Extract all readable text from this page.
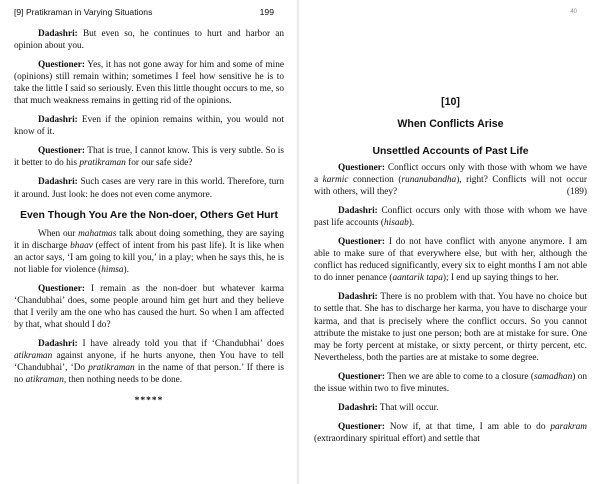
[9] Pratikraman in Varying Situations	199

Dadashri: But even so, he continues to hurt and harbor an opinion about you.

Questioner: Yes, it has not gone away for him and some of mine (opinions) still remain within; sometimes I feel how sensitive he is to take the little I said so seriously. Even this little thought occurs to me, so that much weakness remains in getting rid of the opinions.

Dadashri: Even if the opinion remains within, you would not know of it.

Questioner: That is true, I cannot know. This is very subtle. So is it better to do his pratikraman for our safe side?

Dadashri: Such cases are very rare in this world. Therefore, turn it around. Just look: he does not even come anymore.

Even Though You Are the Non-doer, Others Get Hurt

When our mahatmas talk about doing something, they are saying it in discharge bhaav (effect of intent from his past life). It is like when an actor says, ‘I am going to kill you,’ in a play; when he says this, he is not liable for violence (himsa).

Questioner: I remain as the non-doer but whatever karma ‘Chandubhai’ does, some people around him get hurt and they believe that I verily am the one who has caused the hurt. So when I am affected by that, what should I do?

Dadashri: I have already told you that if ‘Chandubhai’ does atikraman against anyone, if he hurts anyone, then You have to tell ‘Chandubhai’, ‘Do pratikraman in the name of that person.’ If there is no atikraman, then nothing needs to be done.

*****
40
[10]
When Conflicts Arise
Unsettled Accounts of Past Life

Questioner: Conflict occurs only with those with whom we have a karmic connection (runanubandha), right? Conflicts will not occur with others, will they?	(189)

Dadashri: Conflict occurs only with those with whom we have past life accounts (hisaab).

Questioner: I do not have conflict with anyone anymore. I am able to make sure of that everywhere else, but with her, although the conflict has reduced significantly, every six to eight months I am not able to do inner penance (aantarik tapa); I end up saying things to her.

Dadashri: There is no problem with that. You have no choice but to settle that. She has to discharge her karma, you have to discharge your karma, and that is precisely where the conflict occurs. So you cannot attribute the mistake to just one person; both are at mistake for sure. One may be forty percent at mistake, or sixty percent, or thirty percent, etc. Nevertheless, both the parties are at mistake to some degree.

Questioner: Then we are able to come to a closure (samadhan) on the issue within two to five minutes.

Dadashri: That will occur.

Questioner: Now if, at that time, I am able to do parakram (extraordinary spiritual effort) and settle that
